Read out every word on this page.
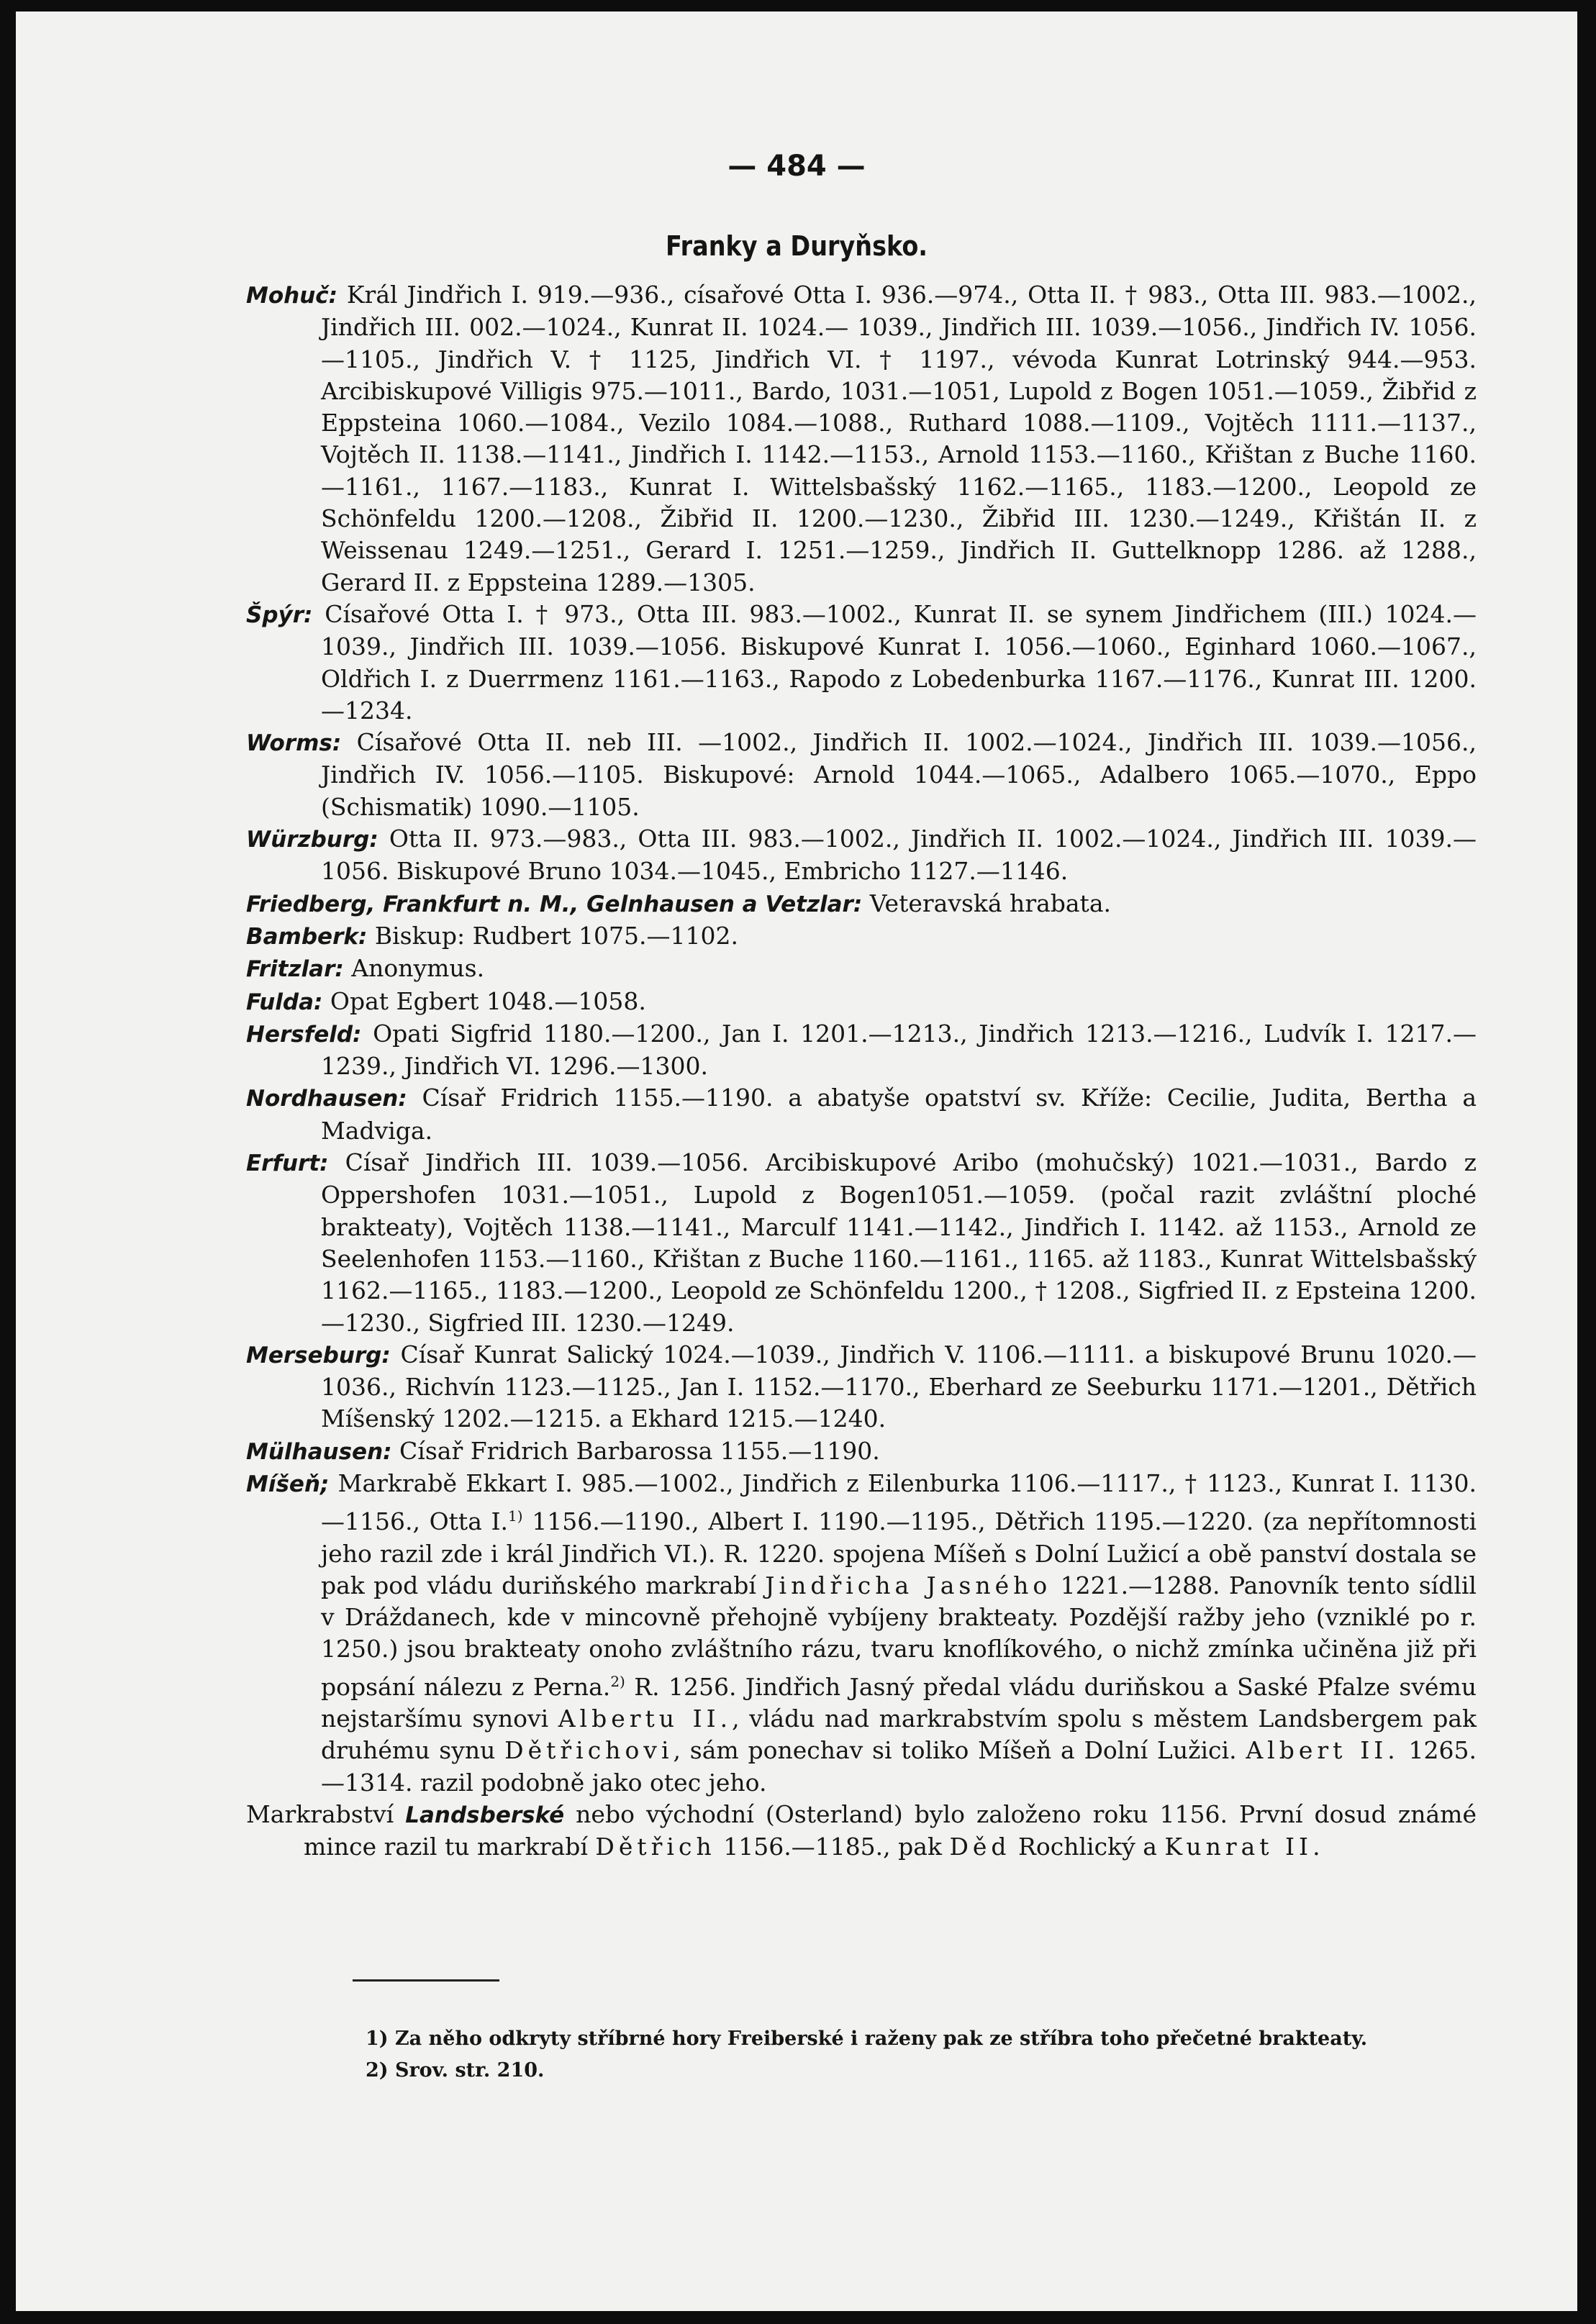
— 484 —
Franky a Duryňsko.

Mohuč: Král Jindřich I. 919.—936., císařové Otta I. 936.—974., Otta II. † 983., Otta III. 983.—1002., Jindřich III. 002.—1024., Kunrat II. 1024.— 1039., Jindřich III. 1039.—1056., Jindřich IV. 1056.—1105., Jindřich V. † 1125, Jindřich VI. † 1197., vévoda Kunrat Lotrinský 944.—953. Arcibiskupové Villigis 975.—1011., Bardo, 1031.—1051, Lupold z Bogen 1051.—1059., Žibřid z Eppsteina 1060.—1084., Vezilo 1084.—1088., Ruthard 1088.—1109., Vojtěch 1111.—1137., Vojtěch II. 1138.—1141., Jindřich I. 1142.—1153., Arnold 1153.—1160., Křištan z Buche 1160.—1161., 1167.—1183., Kunrat I. Wittelsbašský 1162.—1165., 1183.—1200., Leopold ze Schönfeldu 1200.—1208., Žibřid II. 1200.—1230., Žibřid III. 1230.—1249., Křištán II. z Weissenau 1249.—1251., Gerard I. 1251.—1259., Jindřich II. Guttelknopp 1286. až 1288., Gerard II. z Eppsteina 1289.—1305.

Špýr: Císařové Otta I. † 973., Otta III. 983.—1002., Kunrat II. se synem Jindřichem (III.) 1024.—1039., Jindřich III. 1039.—1056. Biskupové Kunrat I. 1056.—1060., Eginhard 1060.—1067., Oldřich I. z Duerrmenz 1161.—1163., Rapodo z Lobedenburka 1167.—1176., Kunrat III. 1200.—1234.

Worms: Císařové Otta II. neb III. —1002., Jindřich II. 1002.—1024., Jindřich III. 1039.—1056., Jindřich IV. 1056.—1105. Biskupové: Arnold 1044.—1065., Adalbero 1065.—1070., Eppo (Schismatik) 1090.—1105.

Würzburg: Otta II. 973.—983., Otta III. 983.—1002., Jindřich II. 1002.—1024., Jindřich III. 1039.—1056. Biskupové Bruno 1034.—1045., Embricho 1127.—1146.

Friedberg, Frankfurt n. M., Gelnhausen a Vetzlar: Veteravská hrabata.

Bamberk: Biskup: Rudbert 1075.—1102.

Fritzlar: Anonymus.

Fulda: Opat Egbert 1048.—1058.

Hersfeld: Opati Sigfrid 1180.—1200., Jan I. 1201.—1213., Jindřich 1213.—1216., Ludvík I. 1217.—1239., Jindřich VI. 1296.—1300.

Nordhausen: Císař Fridrich 1155.—1190. a abatyše opatství sv. Kříže: Cecilie, Judita, Bertha a Madviga.

Erfurt: Císař Jindřich III. 1039.—1056. Arcibiskupové Aribo (mohučský) 1021.—1031., Bardo z Oppershofen 1031.—1051., Lupold z Bogen1051.—1059. (počal razit zvláštní ploché brakteaty), Vojtěch 1138.—1141., Marculf 1141.—1142., Jindřich I. 1142. až 1153., Arnold ze Seelenhofen 1153.—1160., Křištan z Buche 1160.—1161., 1165. až 1183., Kunrat Wittelsbašský 1162.—1165., 1183.—1200., Leopold ze Schönfeldu 1200., † 1208., Sigfried II. z Epsteina 1200.—1230., Sigfried III. 1230.—1249.

Merseburg: Císař Kunrat Salický 1024.—1039., Jindřich V. 1106.—1111. a biskupové Brunu 1020.—1036., Richvín 1123.—1125., Jan I. 1152.—1170., Eberhard ze Seeburku 1171.—1201., Dětřich Míšenský 1202.—1215. a Ekhard 1215.—1240.

Mülhausen: Císař Fridrich Barbarossa 1155.—1190.

Míšeň; Markrabě Ekkart I. 985.—1002., Jindřich z Eilenburka 1106.—1117., † 1123., Kunrat I. 1130.—1156., Otta I.$^{1)}$ 1156.—1190., Albert I. 1190.—1195., Dětřich 1195.—1220. (za nepřítomnosti jeho razil zde i král Jindřich VI.). R. 1220. spojena Míšeň s Dolní Lužicí a obě panství dostala se pak pod vládu duriňského markrabí Jindřicha Jasného 1221.—1288. Panovník tento sídlil v Dráždanech, kde v mincovně přehojně vybíjeny brakteaty. Pozdější ražby jeho (vzniklé po r. 1250.) jsou brakteaty onoho zvláštního rázu, tvaru knoflíkového, o nichž zmínka učiněna již při popsání nálezu z Perna.$^{2)}$ R. 1256. Jindřich Jasný předal vládu duriňskou a Saské Pfalze svému nejstaršímu synovi Albertu II., vládu nad markrabstvím spolu s městem Landsbergem pak druhému synu Dětřichovi, sám ponechav si toliko Míšeň a Dolní Lužici. Albert II. 1265.—1314. razil podobně jako otec jeho.

Markrabství Landsberské nebo východní (Osterland) bylo založeno roku 1156. První dosud známé mince razil tu markrabí Dětřich 1156.—1185., pak Děd Rochlický a Kunrat II.

1) Za něho odkryty stříbrné hory Freiberské i raženy pak ze stříbra toho přečetné brakteaty.

2) Srov. str. 210.
